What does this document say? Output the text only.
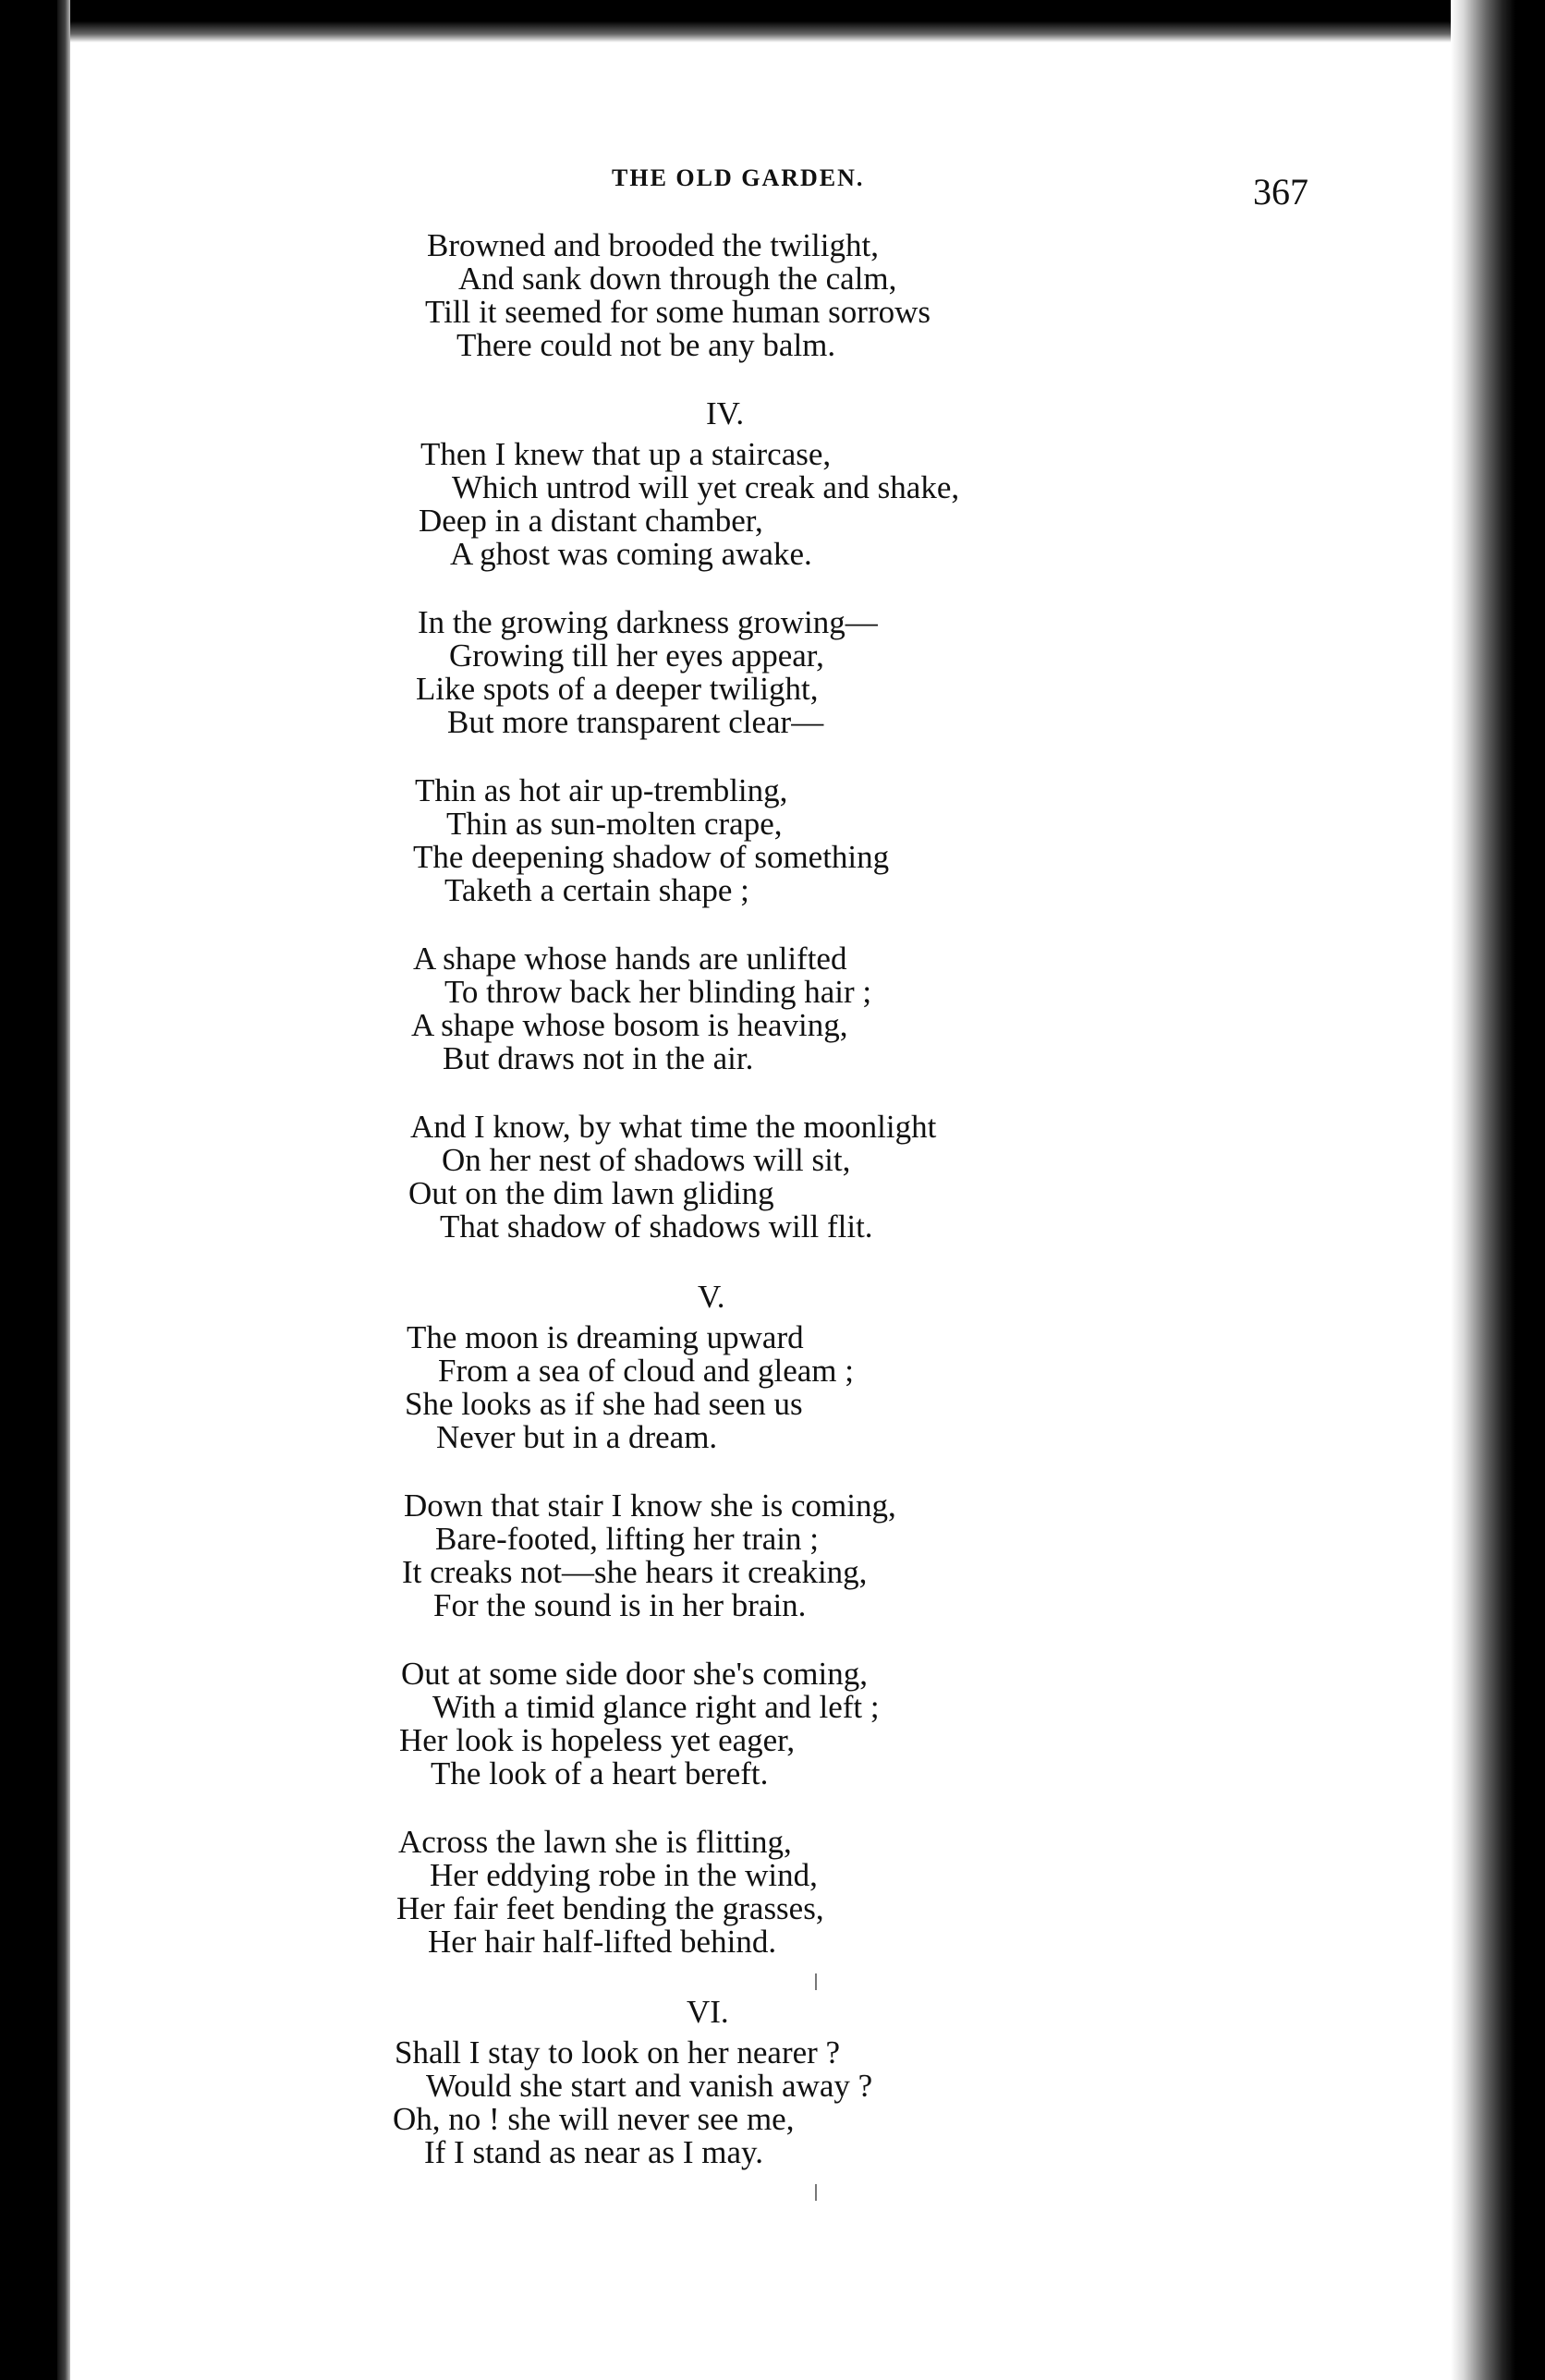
THE OLD GARDEN.	367
Browned and brooded the twilight,
And sank down through the calm,
Till it seemed for some human sorrows
There could not be any balm.
IV.
Then I knew that up a staircase,
Which untrod will yet creak and shake,
Deep in a distant chamber,
A ghost was coming awake.
In the growing darkness growing—
Growing till her eyes appear,
Like spots of a deeper twilight,
But more transparent clear—
Thin as hot air up-trembling,
Thin as sun-molten crape,
The deepening shadow of something
Taketh a certain shape ;
A shape whose hands are unlifted
To throw back her blinding hair ;
A shape whose bosom is heaving,
But draws not in the air.
And I know, by what time the moonlight
On her nest of shadows will sit,
Out on the dim lawn gliding
That shadow of shadows will flit.
V.
The moon is dreaming upward
From a sea of cloud and gleam ;
She looks as if she had seen us
Never but in a dream.
Down that stair I know she is coming,
Bare-footed, lifting her train ;
It creaks not—she hears it creaking,
For the sound is in her brain.
Out at some side door she's coming,
With a timid glance right and left ;
Her look is hopeless yet eager,
The look of a heart bereft.
Across the lawn she is flitting,
Her eddying robe in the wind,
Her fair feet bending the grasses,
Her hair half-lifted behind.
VI.
Shall I stay to look on her nearer ?
Would she start and vanish away ?
Oh, no ! she will never see me,
If I stand as near as I may.
